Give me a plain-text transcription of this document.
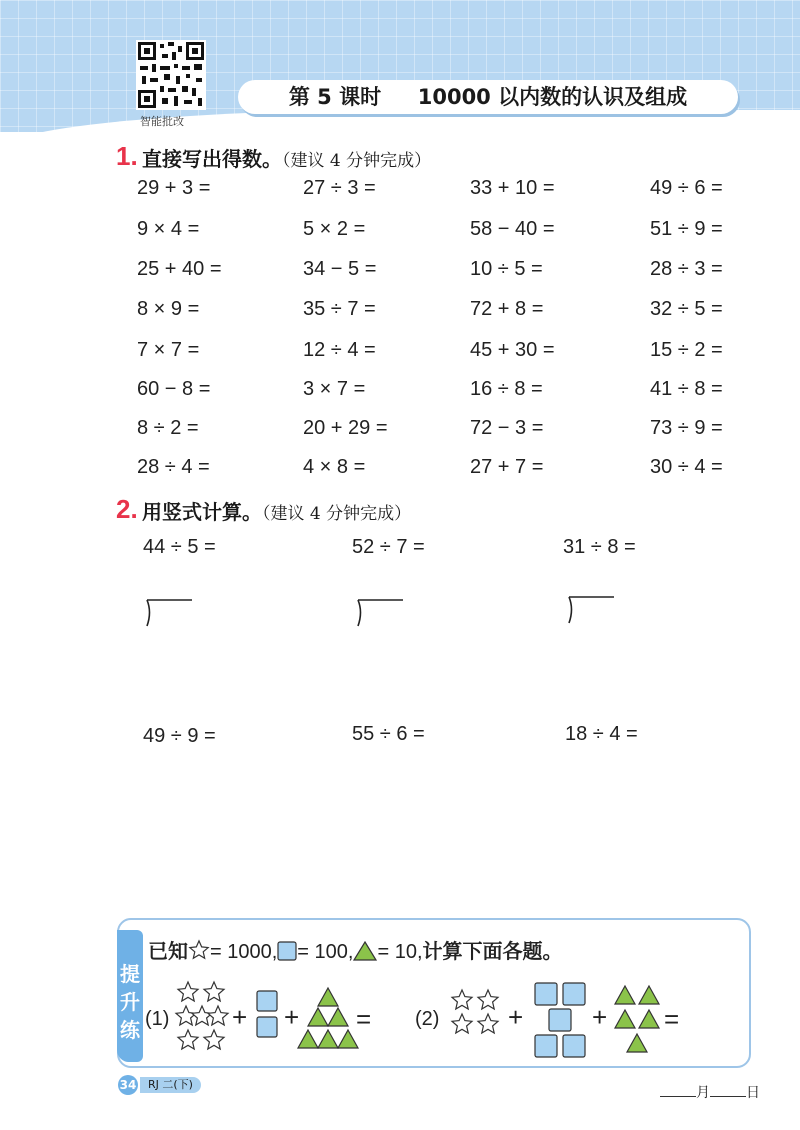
智能批改
第 5 课时 10000 以内数的认识及组成
1. 直接写出得数。（建议 4 分钟完成）
29 + 3 =	27 ÷ 3 =	33 + 10 =	49 ÷ 6 =
9 × 4 =	5 × 2 =	58 − 40 =	51 ÷ 9 =
25 + 40 =	34 − 5 =	10 ÷ 5 =	28 ÷ 3 =
8 × 9 =	35 ÷ 7 =	72 + 8 =	32 ÷ 5 =
7 × 7 =	12 ÷ 4 =	45 + 30 =	15 ÷ 2 =
60 − 8 =	3 × 7 =	16 ÷ 8 =	41 ÷ 8 =
8 ÷ 2 =	20 + 29 =	72 − 3 =	73 ÷ 9 =
28 ÷ 4 =	4 × 8 =	27 + 7 =	30 ÷ 4 =
2. 用竖式计算。（建议 4 分钟完成）
44 ÷ 5 =	52 ÷ 7 =	31 ÷ 8 =
49 ÷ 9 =	55 ÷ 6 =	18 ÷ 4 =
提
升
练
已知 = 1000, = 100, = 10,计算下面各题。
(1) + + = (2)	+	+ =
34	RJ 二(下)
月	日
